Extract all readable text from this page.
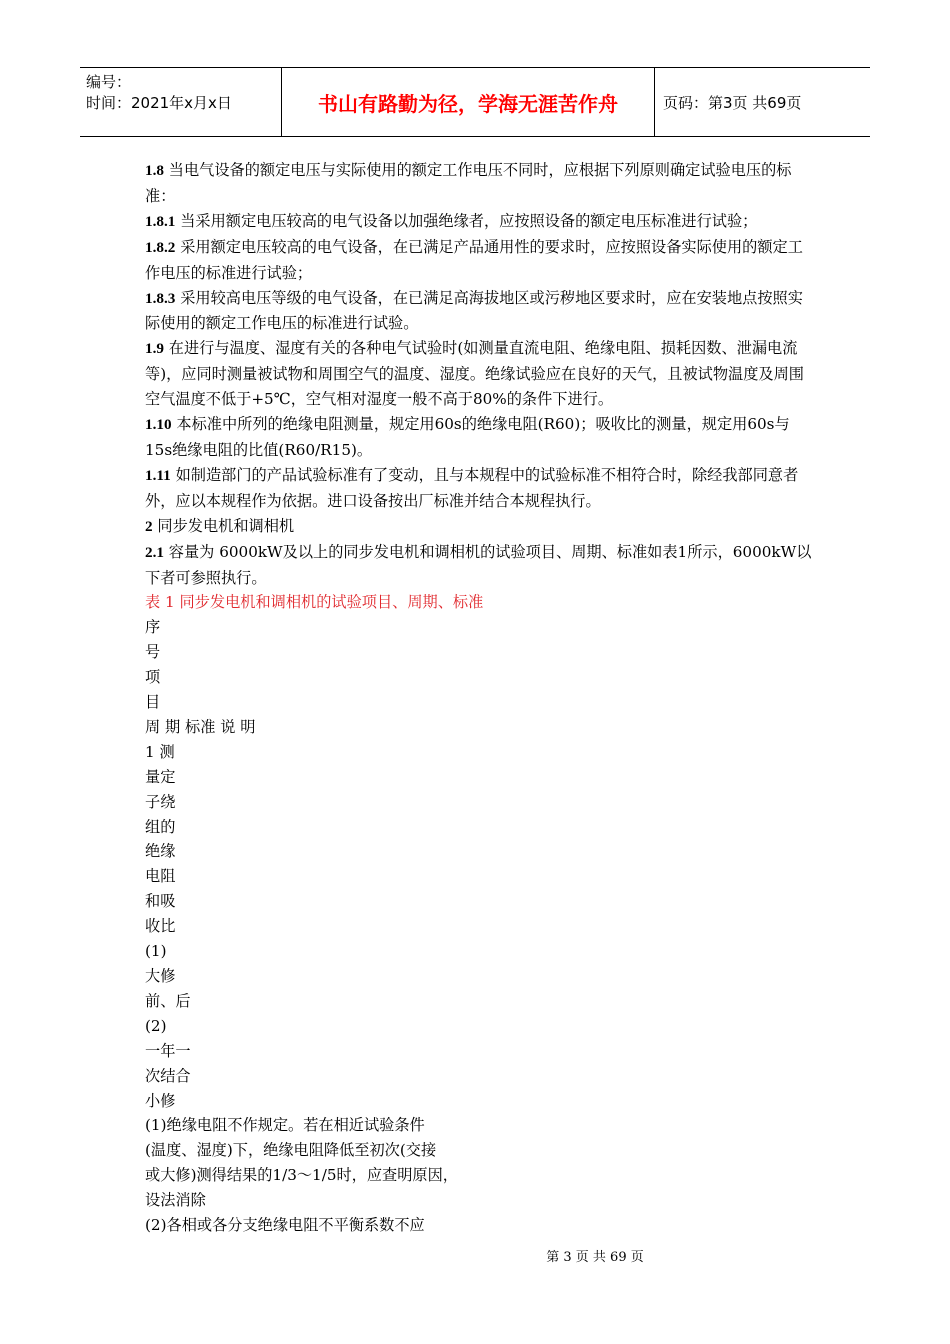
编号：
时间：2021年x月x日	书山有路勤为径，学海无涯苦作舟	页码：第3页 共69页

1.8 当电气设备的额定电压与实际使用的额定工作电压不同时，应根据下列原则确定试验电压的标准：

1.8.1 当采用额定电压较高的电气设备以加强绝缘者，应按照设备的额定电压标准进行试验；

1.8.2 采用额定电压较高的电气设备，在已满足产品通用性的要求时，应按照设备实际使用的额定工作电压的标准进行试验；

1.8.3 采用较高电压等级的电气设备，在已满足高海拔地区或污秽地区要求时，应在安装地点按照实际使用的额定工作电压的标准进行试验。

1.9 在进行与温度、湿度有关的各种电气试验时(如测量直流电阻、绝缘电阻、损耗因数、泄漏电流等)，应同时测量被试物和周围空气的温度、湿度。绝缘试验应在良好的天气，且被试物温度及周围空气温度不低于+5℃，空气相对湿度一般不高于80%的条件下进行。

1.10 本标准中所列的绝缘电阻测量，规定用60s的绝缘电阻(R60)；吸收比的测量，规定用60s与15s绝缘电阻的比值(R60/R15)。

1.11 如制造部门的产品试验标准有了变动，且与本规程中的试验标准不相符合时，除经我部同意者外，应以本规程作为依据。进口设备按出厂标准并结合本规程执行。

2 同步发电机和调相机

2.1 容量为 6000kW及以上的同步发电机和调相机的试验项目、周期、标准如表1所示，6000kW以下者可参照执行。

表 1 同步发电机和调相机的试验项目、周期、标准

序

号

项

目

周 期 标准 说 明

1 测

量定

子绕

组的

绝缘

电阻

和吸

收比

(1)

大修

前、后

(2)

一年一

次结合

小修

(1)绝缘电阻不作规定。若在相近试验条件

(温度、湿度)下，绝缘电阻降低至初次(交接

或大修)测得结果的1/3～1/5时，应查明原因，

设法消除

(2)各相或各分支绝缘电阻不平衡系数不应

第 3 页 共 69 页
